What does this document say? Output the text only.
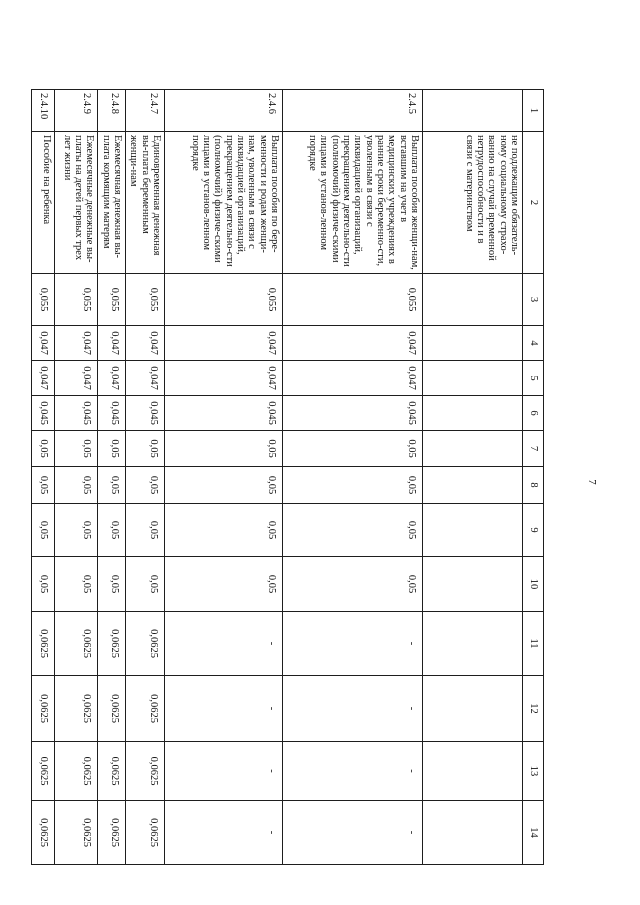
7
1	2	3	4	5	6	7	8	9	10	11	12	13	14
	не подлежащим обязатель-ному социальному страхо-ванию на случай временной нетрудоспособности и в связи с материнством												
2.4.5	Выплата пособия женщи-нам, вставшим на учет в медицинских учреждениях в ранние сроки беременно-сти, уволенным в связи с ликвидацией организаций, прекращением деятельно-сти (полномочий) физиче-скими лицами в установ-ленном порядке	0,055	0,047	0,047	0,045	0,05	0,05	0,05	0,05	-	-	-	-
2.4.6	Выплата пособия по бере-менности и родам женщи-нам, уволенным в связи с ликвидацией организаций, прекращением деятельно-сти (полномочий) физиче-скими лицами в установ-ленном порядке	0,055	0,047	0,047	0,045	0,05	0,05	0,05	0,05	-	-	-	-
2.4.7	Единовременная денежная вы-плата беременным женщи-нам	0,055	0,047	0,047	0,045	0,05	0,05	0,05	0,05	0,0625	0,0625	0,0625	0,0625
2.4.8	Ежемесячная денежная вы-плата кормящим матерям	0,055	0,047	0,047	0,045	0,05	0,05	0,05	0,05	0,0625	0,0625	0,0625	0,0625
2.4.9	Ежемесячные денежные вы-платы на детей первых трех лет жизни	0,055	0,047	0,047	0,045	0,05	0,05	0,05	0,05	0,0625	0,0625	0,0625	0,0625
2.4.10	Пособие на ребенка	0,055	0,047	0,047	0,045	0,05	0,05	0,05	0,05	0,0625	0,0625	0,0625	0,0625
